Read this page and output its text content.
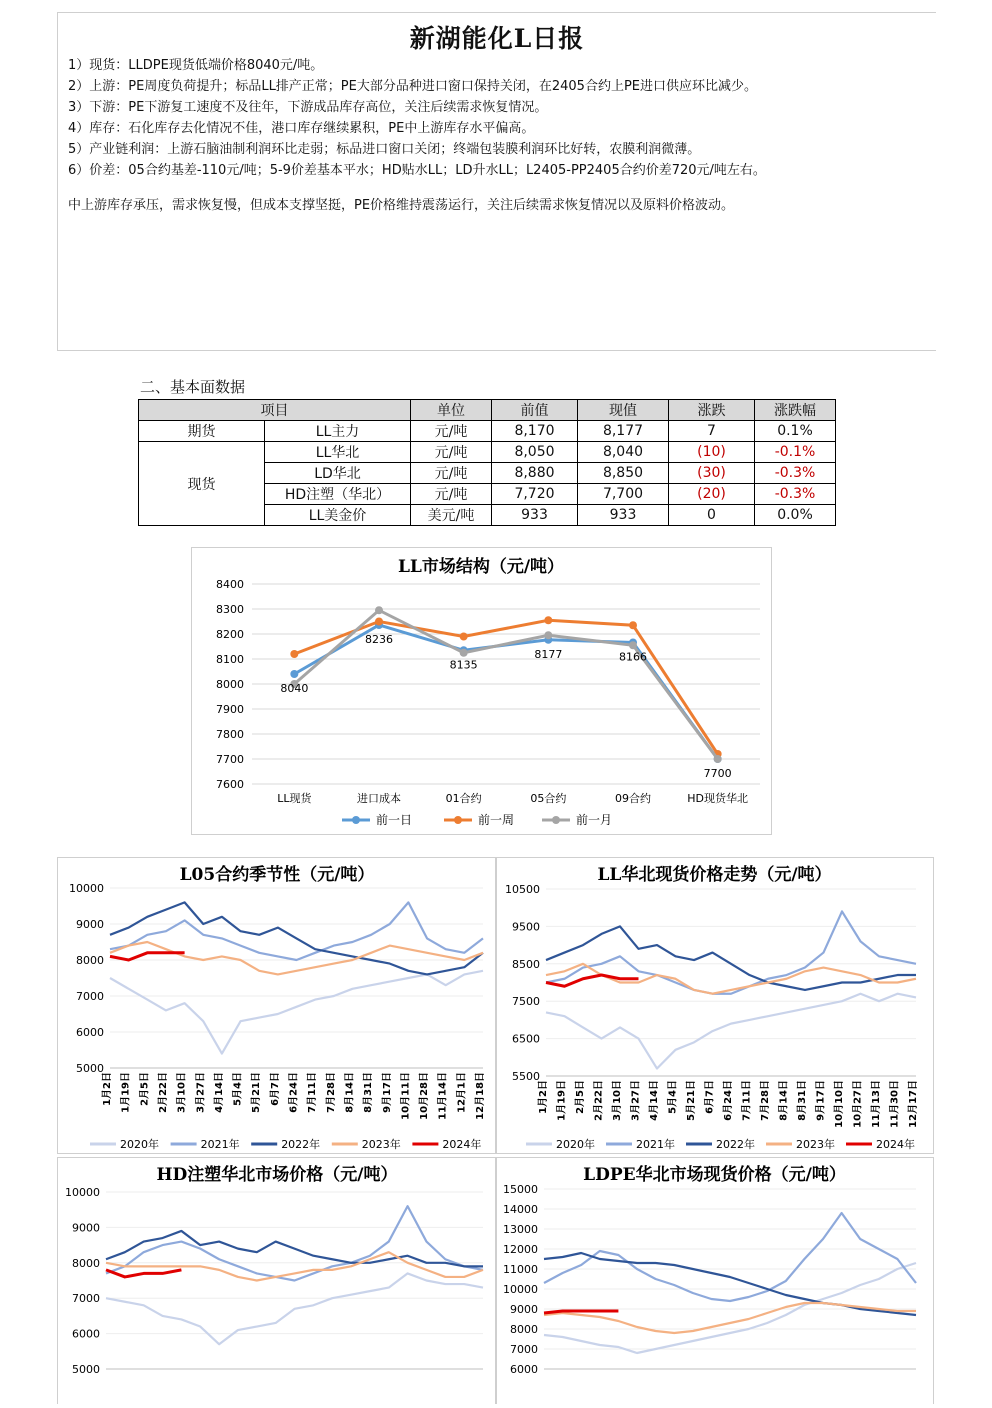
新湖能化L日报

1）现货：LLDPE现货低端价格8040元/吨。

2）上游：PE周度负荷提升；标品LL排产正常；PE大部分品种进口窗口保持关闭，在2405合约上PE进口供应环比减少。

3）下游：PE下游复工速度不及往年，下游成品库存高位，关注后续需求恢复情况。

4）库存：石化库存去化情况不佳，港口库存继续累积，PE中上游库存水平偏高。

5）产业链利润：上游石脑油制利润环比走弱；标品进口窗口关闭；终端包装膜利润环比好转，农膜利润微薄。

6）价差：05合约基差-110元/吨；5-9价差基本平水；HD贴水LL；LD升水LL；L2405-PP2405合约价差720元/吨左右。

中上游库存承压，需求恢复慢，但成本支撑坚挺，PE价格维持震荡运行，关注后续需求恢复情况以及原料价格波动。

二、基本面数据
项目		单位	前值	现值	涨跌	涨跌幅
期货	LL主力	元/吨	8,170	8,177	7	0.1%
现货	LL华北	元/吨	8,050	8,040	(10)	-0.1%
	LD华北	元/吨	8,880	8,850	(30)	-0.3%
	HD注塑（华北）	元/吨	7,720	7,700	(20)	-0.3%
	LL美金价	美元/吨	933	933	0	0.0%
LL市场结构（元/吨）
7600
7700
7800
7900
8000
8100
8200
8300
8400
LL现货	进口成本	01合约	05合约	09合约	HD现货华北
8040
8236
8135
8177	8166
7700
前一日	前一周	前一月
L05合约季节性（元/吨）
5000
6000
7000
8000
9000
10000
1月2日 1月19日 2月5日 2月22日 3月10日 3月27日 4月14日 5月4日 5月21日 6月7日 6月24日 7月11日 7月28日 8月14日 8月31日 9月17日 10月11日 10月28日 11月14日 12月1日 12月18日
2020年	2021年	2022年	2023年	2024年
LL华北现货价格走势（元/吨）
5500
6500
7500
8500
9500
10500
1月2日 1月19日 2月5日 2月22日 3月10日 3月27日 4月14日 5月4日 5月21日 6月7日 6月24日 7月11日 7月28日 8月14日 8月31日 9月17日 10月10日 10月27日 11月13日 11月30日 12月17日
2020年	2021年	2022年	2023年	2024年
HD注塑华北市场价格（元/吨）
5000
6000
7000
8000
9000
10000
LDPE华北市场现货价格（元/吨）
6000
7000
8000
9000
10000
11000
12000
13000
14000
15000
